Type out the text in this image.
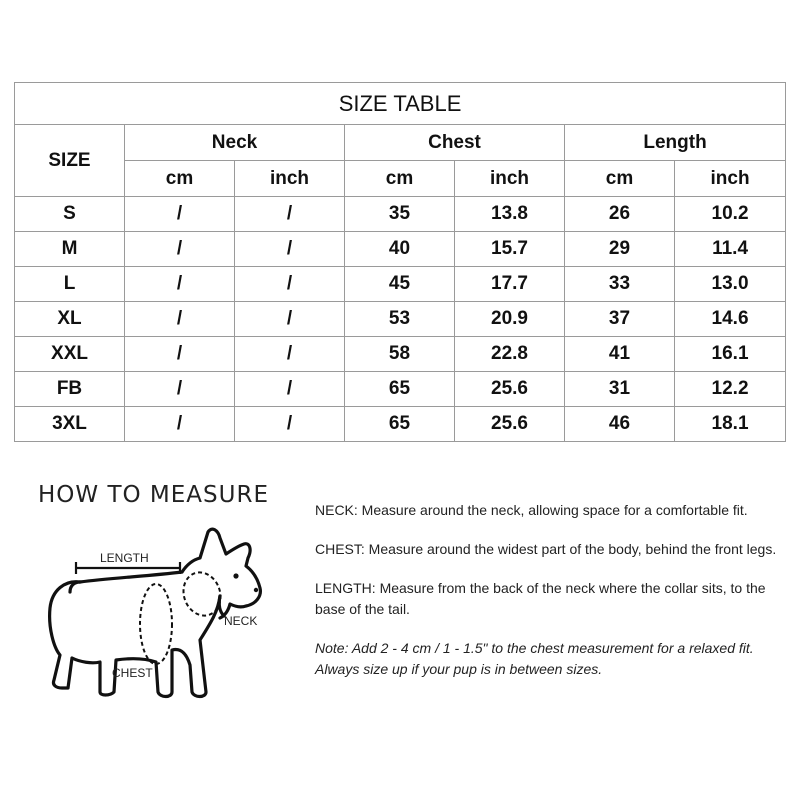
SIZE TABLE						
SIZE	Neck		Chest		Length	
	cm	inch	cm	inch	cm	inch
S	/	/	35	13.8	26	10.2
M	/	/	40	15.7	29	11.4
L	/	/	45	17.7	33	13.0
XL	/	/	53	20.9	37	14.6
XXL	/	/	58	22.8	41	16.1
FB	/	/	65	25.6	31	12.2
3XL	/	/	65	25.6	46	18.1
HOW TO MEASURE
LENGTH
NECK
CHEST

NECK: Measure around the neck, allowing space for a comfortable fit.

CHEST: Measure around the widest part of the body, behind the front legs.

LENGTH: Measure from the back of the neck where the collar sits, to the base of the tail.

Note: Add 2 - 4 cm / 1 - 1.5" to the chest measurement for a relaxed fit.
Always size up if your pup is in between sizes.
